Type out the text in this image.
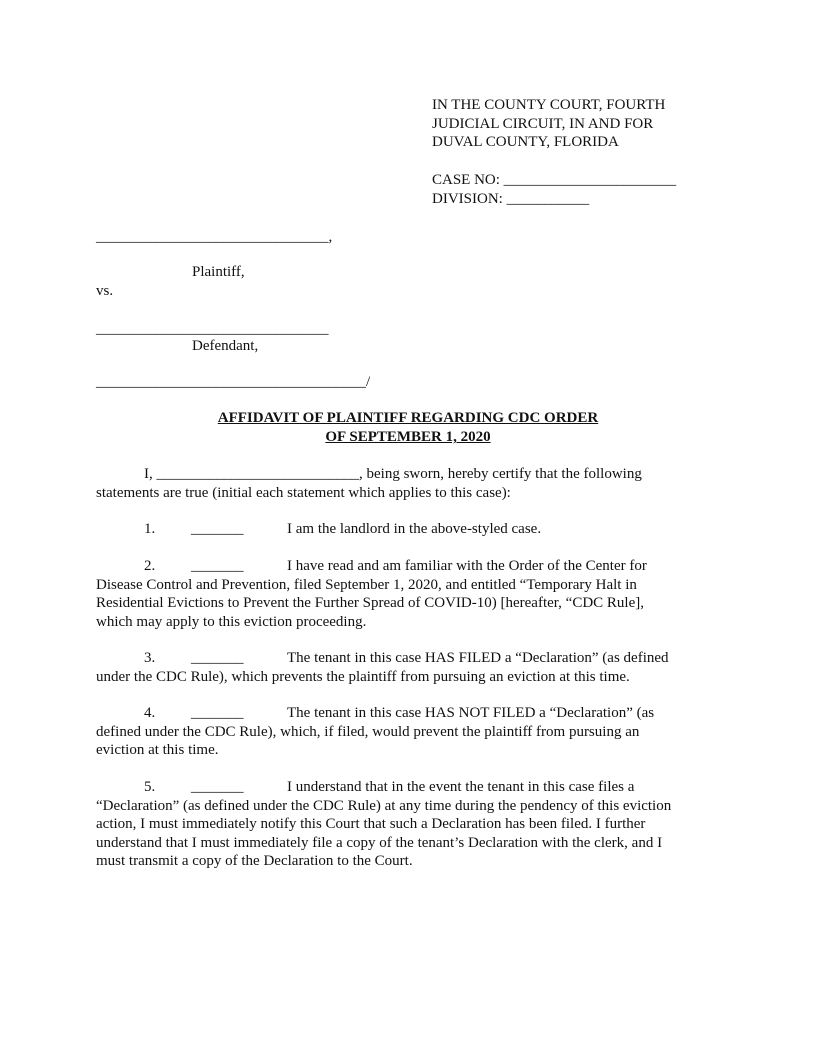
IN THE COUNTY COURT, FOURTH
JUDICIAL CIRCUIT, IN AND FOR
DUVAL COUNTY, FLORIDA
CASE NO: _______________________
DIVISION: ___________
_______________________________,
Plaintiff,
vs.
_______________________________
Defendant,
____________________________________/
AFFIDAVIT OF PLAINTIFF REGARDING CDC ORDER
OF SEPTEMBER 1, 2020
I, ___________________________, being sworn, hereby certify that the following
statements are true (initial each statement which applies to this case):
1. _______	I am the landlord in the above-styled case.
2. _______	I have read and am familiar with the Order of the Center for
Disease Control and Prevention, filed September 1, 2020, and entitled “Temporary Halt in
Residential Evictions to Prevent the Further Spread of COVID-10) [hereafter, “CDC Rule],
which may apply to this eviction proceeding.
3. _______	The tenant in this case HAS FILED a “Declaration” (as defined
under the CDC Rule), which prevents the plaintiff from pursuing an eviction at this time.
4. _______	The tenant in this case HAS NOT FILED a “Declaration” (as
defined under the CDC Rule), which, if filed, would prevent the plaintiff from pursuing an
eviction at this time.
5. _______	I understand that in the event the tenant in this case files a
“Declaration” (as defined under the CDC Rule) at any time during the pendency of this eviction
action, I must immediately notify this Court that such a Declaration has been filed. I further
understand that I must immediately file a copy of the tenant’s Declaration with the clerk, and I
must transmit a copy of the Declaration to the Court.
